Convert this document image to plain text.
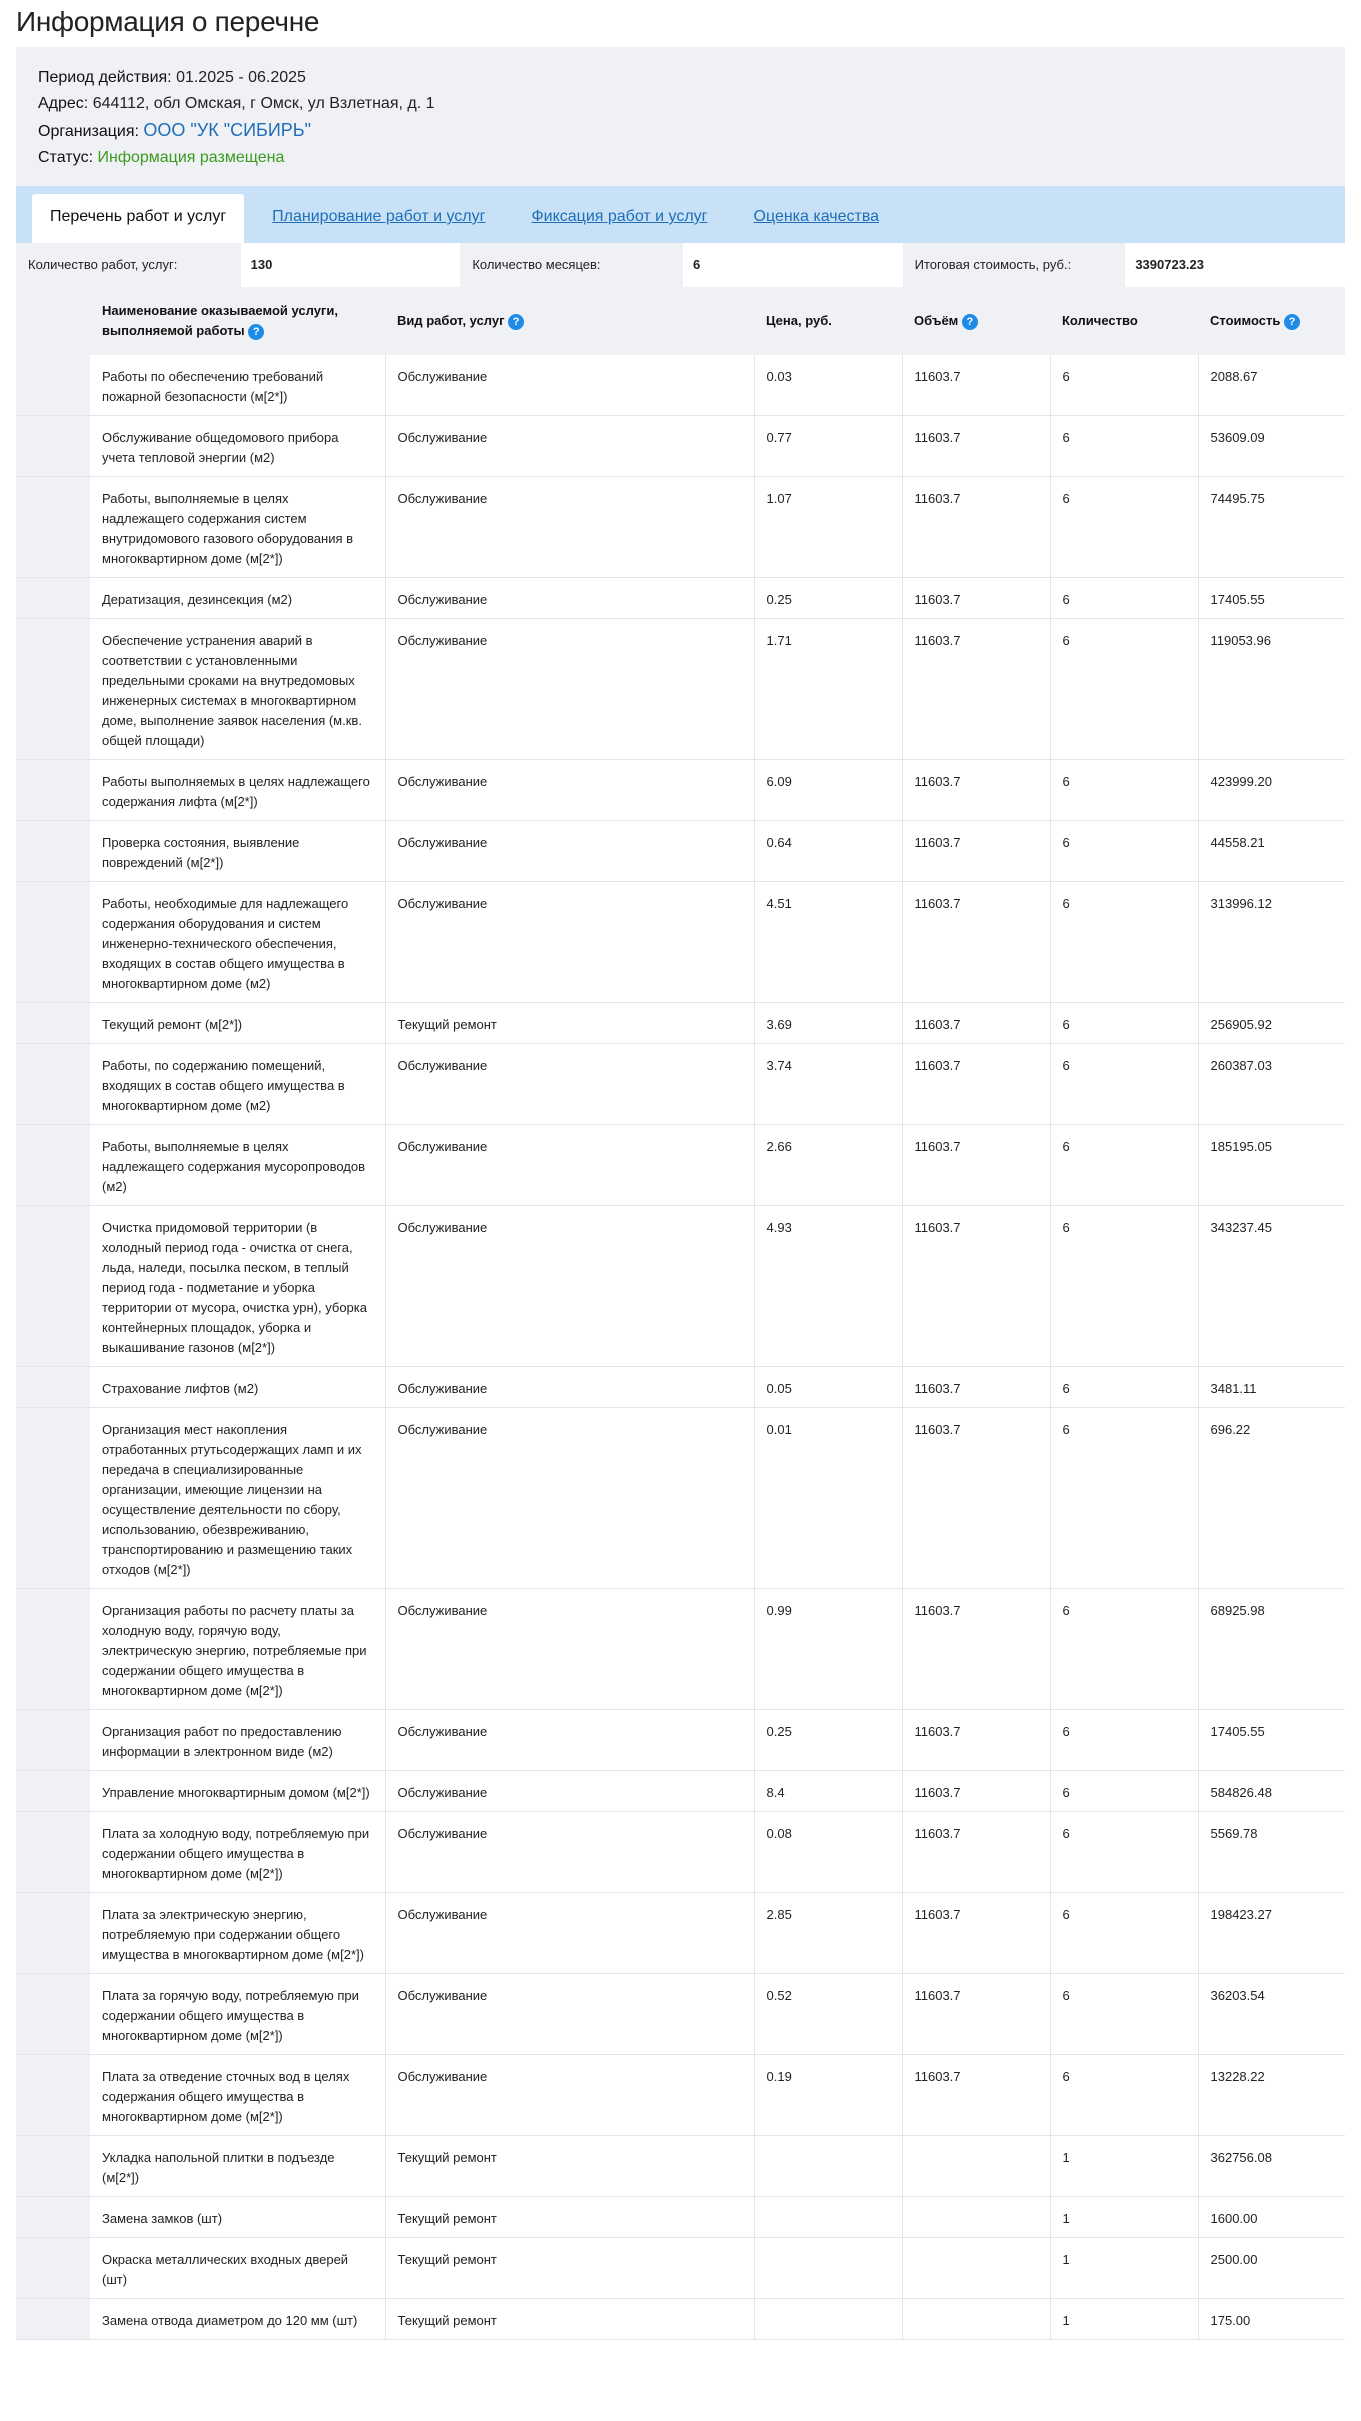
Информация о перечне
Период действия: 01.2025 - 06.2025
Адрес: 644112, обл Омская, г Омск, ул Взлетная, д. 1
Организация: ООО "УК "СИБИРЬ"
Статус: Информация размещена
Перечень работ и услуг	Планирование работ и услуг	Фиксация работ и услуг	Оценка качества
Количество работ, услуг:	130	Количество месяцев:	6	Итоговая стоимость, руб.:	3390723.23
	Наименование оказываемой услуги, выполняемой работы ?	Вид работ, услуг ?	Цена, руб.	Объём ?	Количество	Стоимость ?
	Работы по обеспечению требований пожарной безопасности (м[2*])	Обслуживание	0.03	11603.7	6	2088.67
	Обслуживание общедомового прибора учета тепловой энергии (м2)	Обслуживание	0.77	11603.7	6	53609.09
	Работы, выполняемые в целях надлежащего содержания систем внутридомового газового оборудования в многоквартирном доме (м[2*])	Обслуживание	1.07	11603.7	6	74495.75
	Дератизация, дезинсекция (м2)	Обслуживание	0.25	11603.7	6	17405.55
	Обеспечение устранения аварий в соответствии с установленными предельными сроками на внутредомовых инженерных системах в многоквартирном доме, выполнение заявок населения (м.кв. общей площади)	Обслуживание	1.71	11603.7	6	119053.96
	Работы выполняемых в целях надлежащего содержания лифта (м[2*])	Обслуживание	6.09	11603.7	6	423999.20
	Проверка состояния, выявление повреждений (м[2*])	Обслуживание	0.64	11603.7	6	44558.21
	Работы, необходимые для надлежащего содержания оборудования и систем инженерно-технического обеспечения, входящих в состав общего имущества в многоквартирном доме (м2)	Обслуживание	4.51	11603.7	6	313996.12
	Текущий ремонт (м[2*])	Текущий ремонт	3.69	11603.7	6	256905.92
	Работы, по содержанию помещений, входящих в состав общего имущества в многоквартирном доме (м2)	Обслуживание	3.74	11603.7	6	260387.03
	Работы, выполняемые в целях надлежащего содержания мусоропроводов (м2)	Обслуживание	2.66	11603.7	6	185195.05
	Очистка придомовой территории (в холодный период года - очистка от снега, льда, наледи, посылка песком, в теплый период года - подметание и уборка территории от мусора, очистка урн), уборка контейнерных площадок, уборка и выкашивание газонов (м[2*])	Обслуживание	4.93	11603.7	6	343237.45
	Страхование лифтов (м2)	Обслуживание	0.05	11603.7	6	3481.11
	Организация мест накопления отработанных ртутьсодержащих ламп и их передача в специализированные организации, имеющие лицензии на осуществление деятельности по сбору, использованию, обезвреживанию, транспортированию и размещению таких отходов (м[2*])	Обслуживание	0.01	11603.7	6	696.22
	Организация работы по расчету платы за холодную воду, горячую воду, электрическую энергию, потребляемые при содержании общего имущества в многоквартирном доме (м[2*])	Обслуживание	0.99	11603.7	6	68925.98
	Организация работ по предоставлению информации в электронном виде (м2)	Обслуживание	0.25	11603.7	6	17405.55
	Управление многоквартирным домом (м[2*])	Обслуживание	8.4	11603.7	6	584826.48
	Плата за холодную воду, потребляемую при содержании общего имущества в многоквартирном доме (м[2*])	Обслуживание	0.08	11603.7	6	5569.78
	Плата за электрическую энергию, потребляемую при содержании общего имущества в многоквартирном доме (м[2*])	Обслуживание	2.85	11603.7	6	198423.27
	Плата за горячую воду, потребляемую при содержании общего имущества в многоквартирном доме (м[2*])	Обслуживание	0.52	11603.7	6	36203.54
	Плата за отведение сточных вод в целях содержания общего имущества в многоквартирном доме (м[2*])	Обслуживание	0.19	11603.7	6	13228.22
	Укладка напольной плитки в подъезде (м[2*])	Текущий ремонт			1	362756.08
	Замена замков (шт)	Текущий ремонт			1	1600.00
	Окраска металлических входных дверей (шт)	Текущий ремонт			1	2500.00
	Замена отвода диаметром до 120 мм (шт)	Текущий ремонт			1	175.00
